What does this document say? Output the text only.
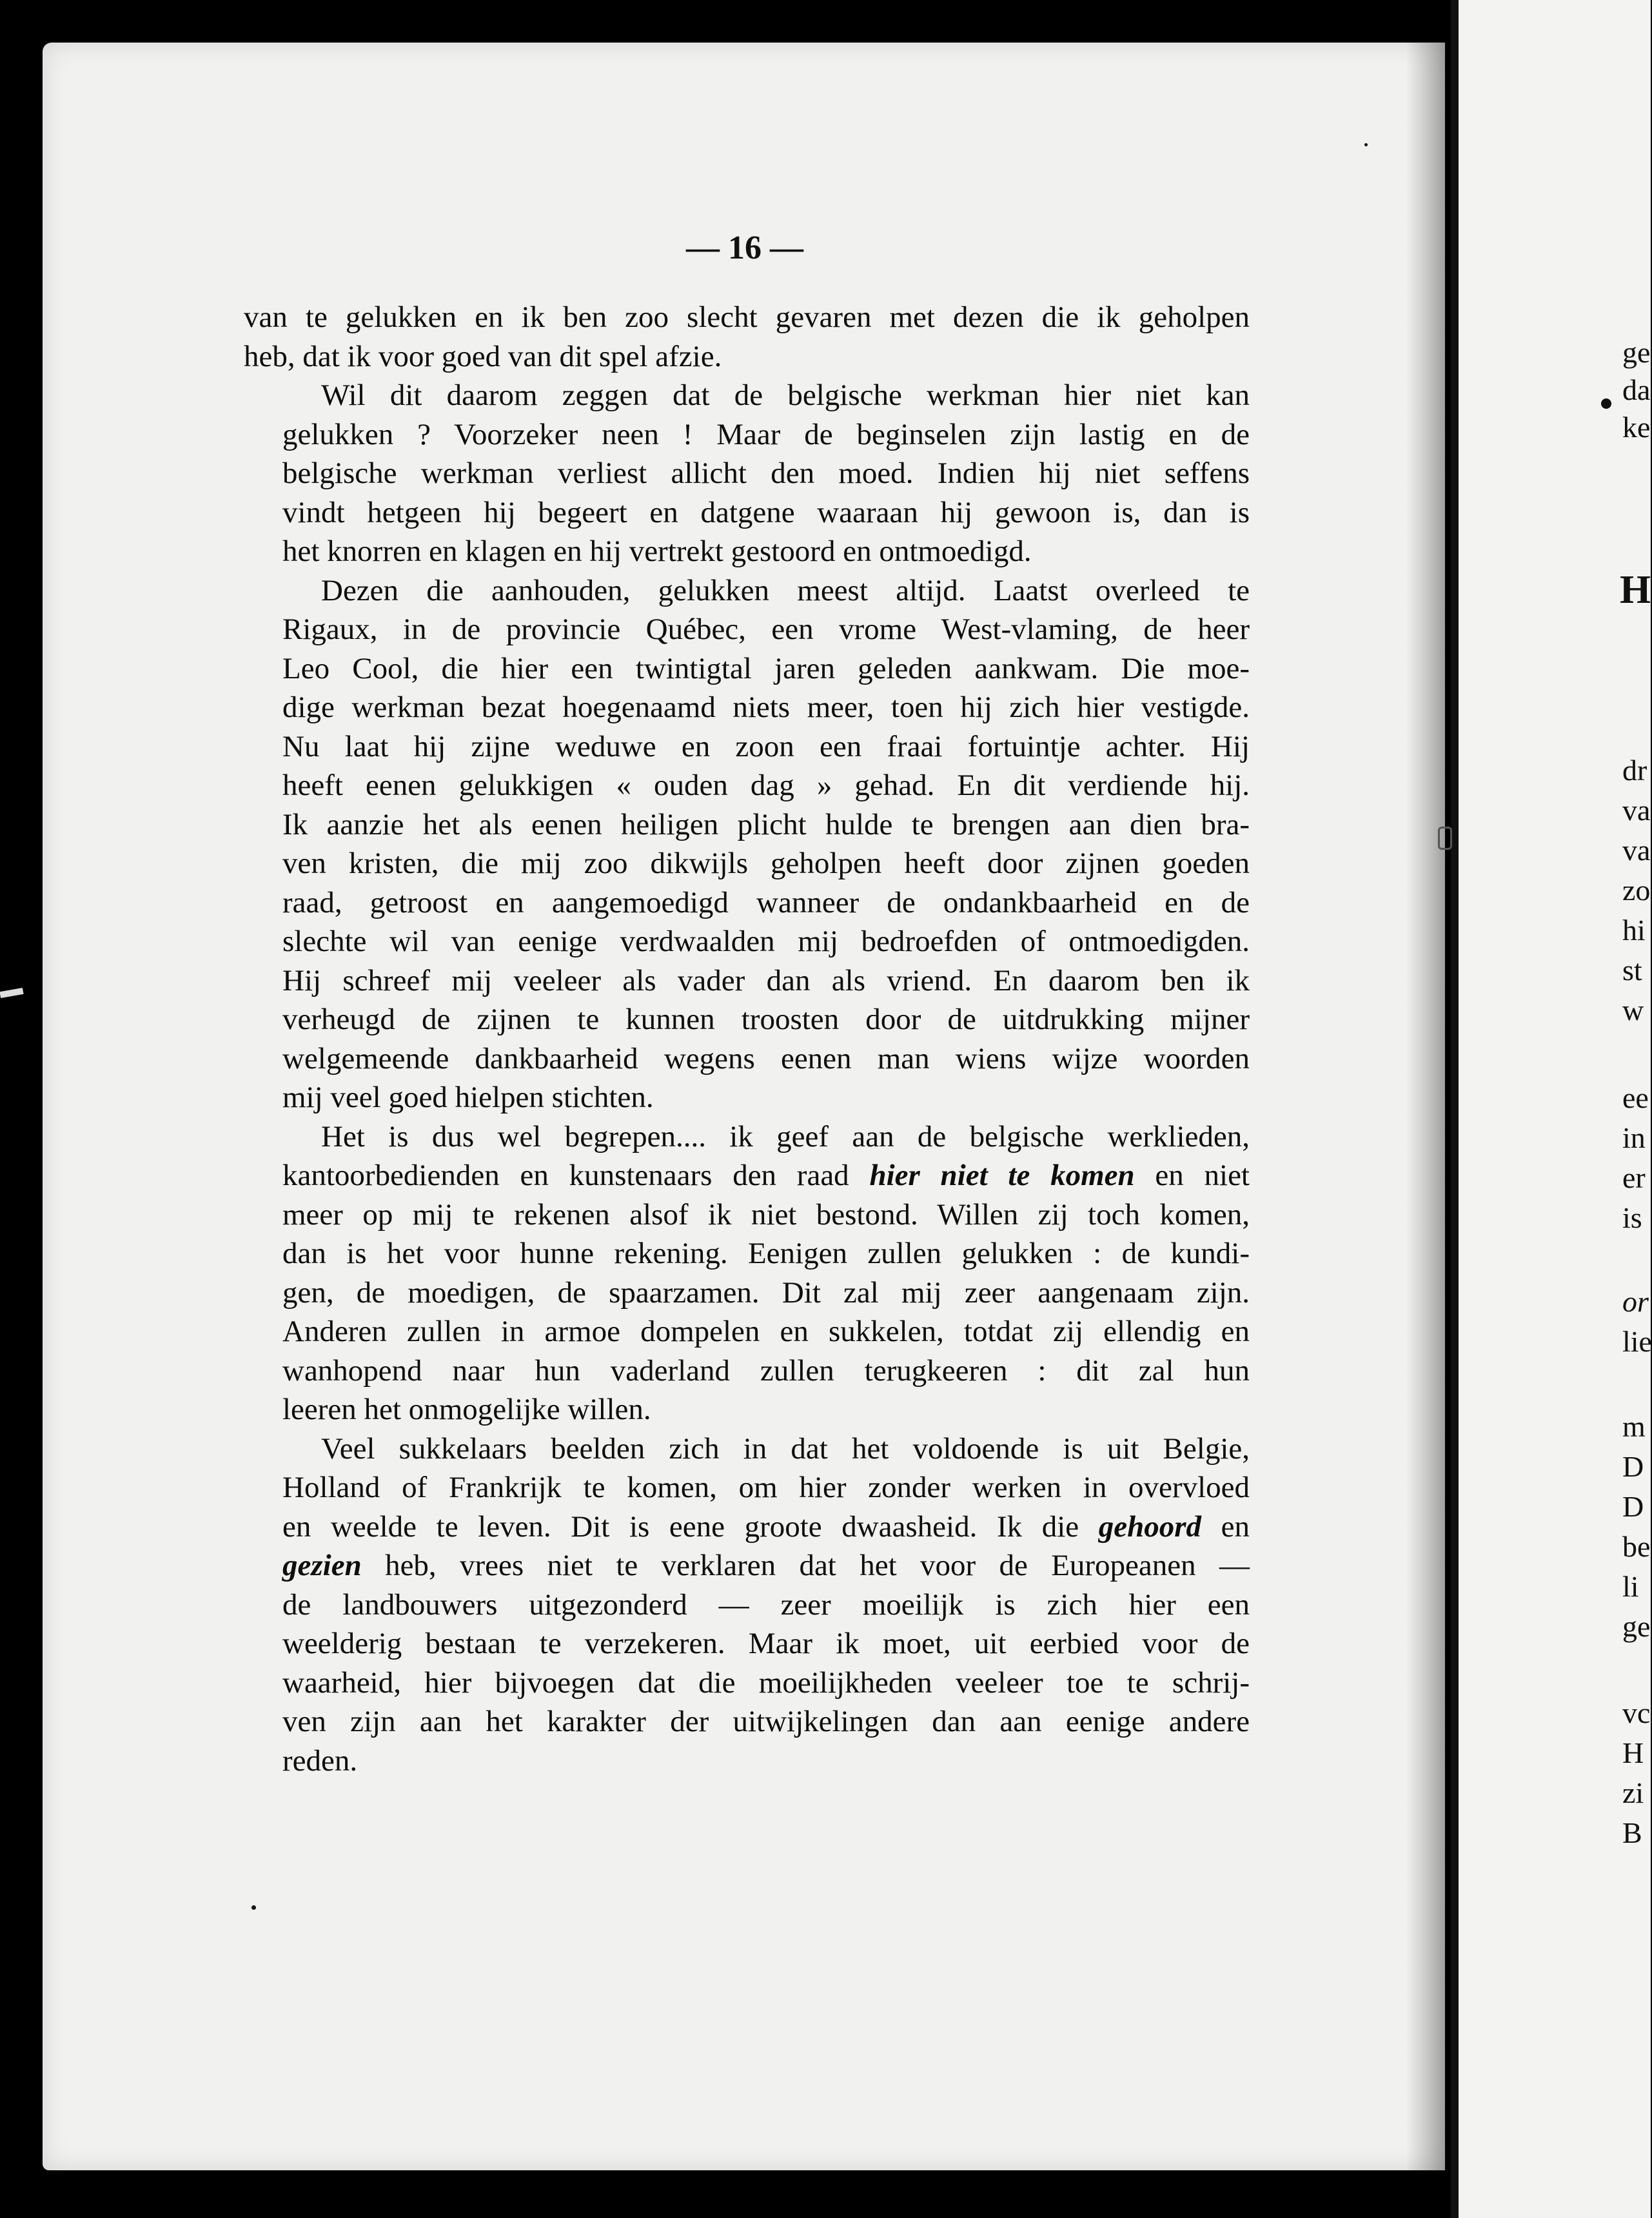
— 16 —
van te gelukken en ik ben zoo slecht gevaren met dezen die ik geholpen
heb, dat ik voor goed van dit spel afzie.
Wil dit daarom zeggen dat de belgische werkman hier niet kan
gelukken ? Voorzeker neen ! Maar de beginselen zijn lastig en de
belgische werkman verliest allicht den moed. Indien hij niet seffens
vindt hetgeen hij begeert en datgene waaraan hij gewoon is, dan is
het knorren en klagen en hij vertrekt gestoord en ontmoedigd.
Dezen die aanhouden, gelukken meest altijd. Laatst overleed te
Rigaux, in de provincie Québec, een vrome West-vlaming, de heer
Leo Cool, die hier een twintigtal jaren geleden aankwam. Die moe-
dige werkman bezat hoegenaamd niets meer, toen hij zich hier vestigde.
Nu laat hij zijne weduwe en zoon een fraai fortuintje achter. Hij
heeft eenen gelukkigen « ouden dag » gehad. En dit verdiende hij.
Ik aanzie het als eenen heiligen plicht hulde te brengen aan dien bra-
ven kristen, die mij zoo dikwijls geholpen heeft door zijnen goeden
raad, getroost en aangemoedigd wanneer de ondankbaarheid en de
slechte wil van eenige verdwaalden mij bedroefden of ontmoedigden.
Hij schreef mij veeleer als vader dan als vriend. En daarom ben ik
verheugd de zijnen te kunnen troosten door de uitdrukking mijner
welgemeende dankbaarheid wegens eenen man wiens wijze woorden
mij veel goed hielpen stichten.
Het is dus wel begrepen.... ik geef aan de belgische werklieden,
kantoorbedienden en kunstenaars den raad hier niet te komen en niet
meer op mij te rekenen alsof ik niet bestond. Willen zij toch komen,
dan is het voor hunne rekening. Eenigen zullen gelukken : de kundi-
gen, de moedigen, de spaarzamen. Dit zal mij zeer aangenaam zijn.
Anderen zullen in armoe dompelen en sukkelen, totdat zij ellendig en
wanhopend naar hun vaderland zullen terugkeeren : dit zal hun
leeren het onmogelijke willen.
Veel sukkelaars beelden zich in dat het voldoende is uit Belgie,
Holland of Frankrijk te komen, om hier zonder werken in overvloed
en weelde te leven. Dit is eene groote dwaasheid. Ik die gehoord en
gezien heb, vrees niet te verklaren dat het voor de Europeanen —
de landbouwers uitgezonderd — zeer moeilijk is zich hier een
weelderig bestaan te verzekeren. Maar ik moet, uit eerbied voor de
waarheid, hier bijvoegen dat die moeilijkheden veeleer toe te schrij-
ven zijn aan het karakter der uitwijkelingen dan aan eenige andere
reden.
ge
da
ke
H
dr
va
va
zo
hi
st
w
ee
in
er
is
or
lie
m
D
D
be
li
ge
vc
H
zi
B
